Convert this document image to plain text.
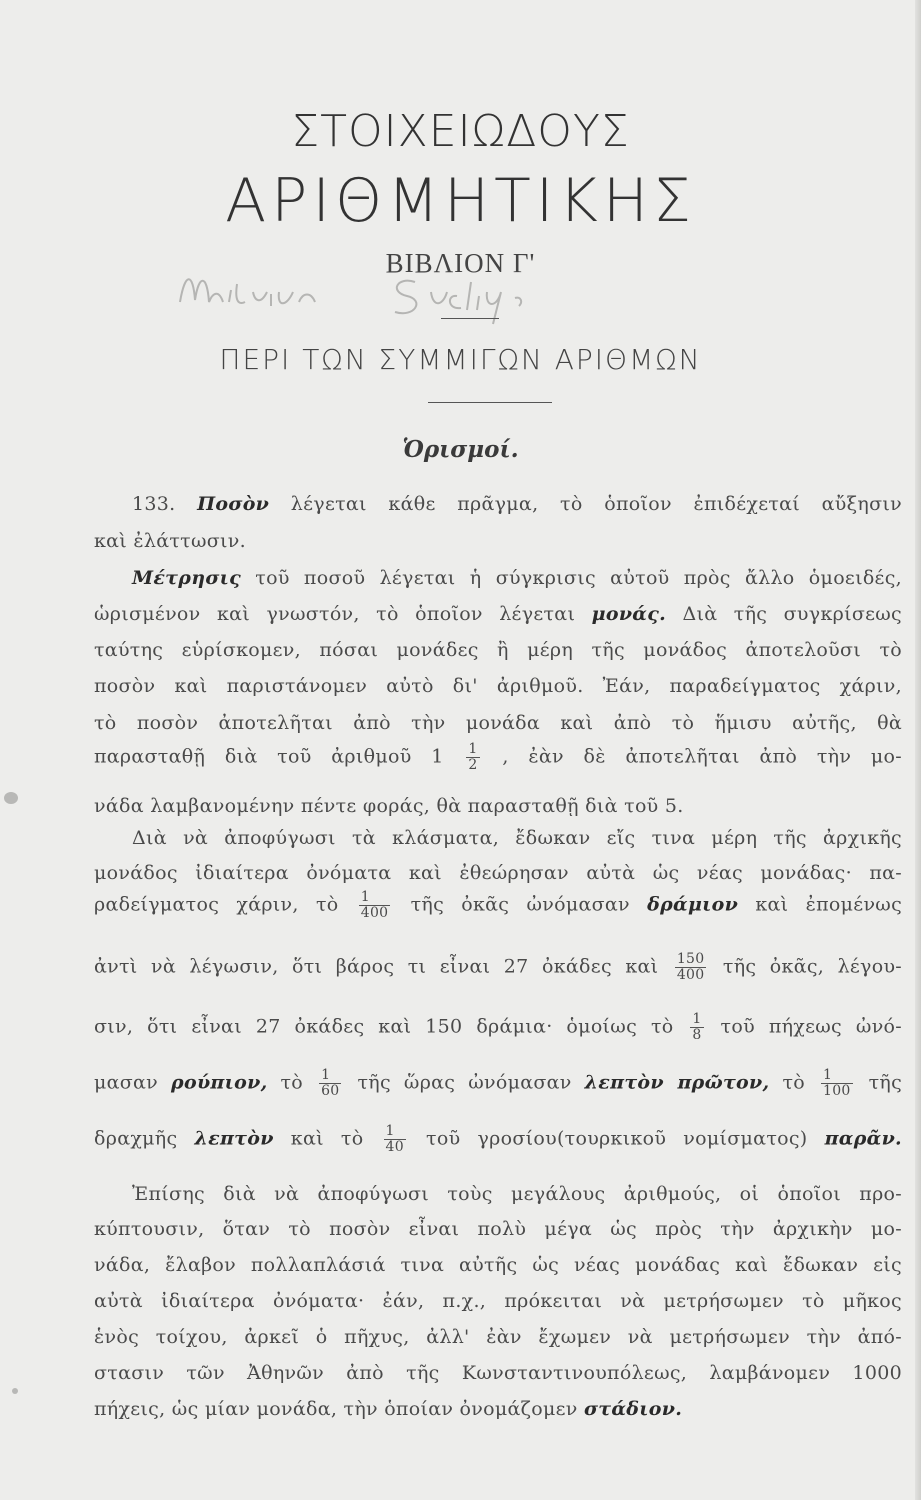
ΣΤΟΙΧΕΙΩΔΟΥΣ
ΑΡΙΘΜΗΤΙΚΗΣ
ΒΙΒΛΙΟΝ Γ'
ΠΕΡΙ ΤΩΝ ΣΥΜΜΙΓΩΝ ΑΡΙΘΜΩΝ
Ὁρισμοί.
133. Ποσὸν λέγεται κάθε πρᾶγμα, τὸ ὁποῖον ἐπιδέχεταί αὔξησιν
καὶ ἐλάττωσιν.
Μέτρησις τοῦ ποσοῦ λέγεται ἡ σύγκρισις αὐτοῦ πρὸς ἄλλο ὁμοειδές,
ὡρισμένον καὶ γνωστόν, τὸ ὁποῖον λέγεται μονάς. Διὰ τῆς συγκρίσεως
ταύτης εὑρίσκομεν, πόσαι μονάδες ἢ μέρη τῆς μονάδος ἀποτελοῦσι τὸ
ποσὸν καὶ παριστάνομεν αὐτὸ δι' ἀριθμοῦ. Ἐάν, παραδείγματος χάριν,
τὸ ποσὸν ἀποτελῆται ἀπὸ τὴν μονάδα καὶ ἀπὸ τὸ ἥμισυ αὐτῆς, θὰ
παρασταθῇ διὰ τοῦ ἀριθμοῦ $1 \frac{1}{2}$ , ἐὰν δὲ ἀποτελῆται ἀπὸ τὴν μο-
νάδα λαμβανομένην πέντε φοράς, θὰ παρασταθῇ διὰ τοῦ 5.
Διὰ νὰ ἀποφύγωσι τὰ κλάσματα, ἔδωκαν εἴς τινα μέρη τῆς ἀρχικῆς
μονάδος ἰδιαίτερα ὀνόματα καὶ ἐθεώρησαν αὐτὰ ὡς νέας μονάδας· πα-
ραδείγματος χάριν, τὸ $\frac{1}{400}$ τῆς ὀκᾶς ὠνόμασαν δράμιον καὶ ἐπομένως
ἀντὶ νὰ λέγωσιν, ὅτι βάρος τι εἶναι 27 ὀκάδες καὶ $\frac{150}{400}$ τῆς ὀκᾶς, λέγου-
σιν, ὅτι εἶναι 27 ὀκάδες καὶ 150 δράμια· ὁμοίως τὸ $\frac{1}{8}$ τοῦ πήχεως ὠνό-
μασαν ρούπιον, τὸ $\frac{1}{60}$ τῆς ὥρας ὠνόμασαν λεπτὸν πρῶτον, τὸ $\frac{1}{100}$ τῆς
δραχμῆς λεπτὸν καὶ τὸ $\frac{1}{40}$ τοῦ γροσίου(τουρκικοῦ νομίσματος) παρᾶν.
Ἐπίσης διὰ νὰ ἀποφύγωσι τοὺς μεγάλους ἀριθμούς, οἱ ὁποῖοι προ-
κύπτουσιν, ὅταν τὸ ποσὸν εἶναι πολὺ μέγα ὡς πρὸς τὴν ἀρχικὴν μο-
νάδα, ἔλαβον πολλαπλάσιά τινα αὐτῆς ὡς νέας μονάδας καὶ ἔδωκαν εἰς
αὐτὰ ἰδιαίτερα ὀνόματα· ἐάν, π.χ., πρόκειται νὰ μετρήσωμεν τὸ μῆκος
ἑνὸς τοίχου, ἀρκεῖ ὁ πῆχυς, ἀλλ' ἐὰν ἔχωμεν νὰ μετρήσωμεν τὴν ἀπό-
στασιν τῶν Ἀθηνῶν ἀπὸ τῆς Κωνσταντινουπόλεως, λαμβάνομεν 1000
πήχεις, ὡς μίαν μονάδα, τὴν ὁποίαν ὀνομάζομεν στάδιον.
